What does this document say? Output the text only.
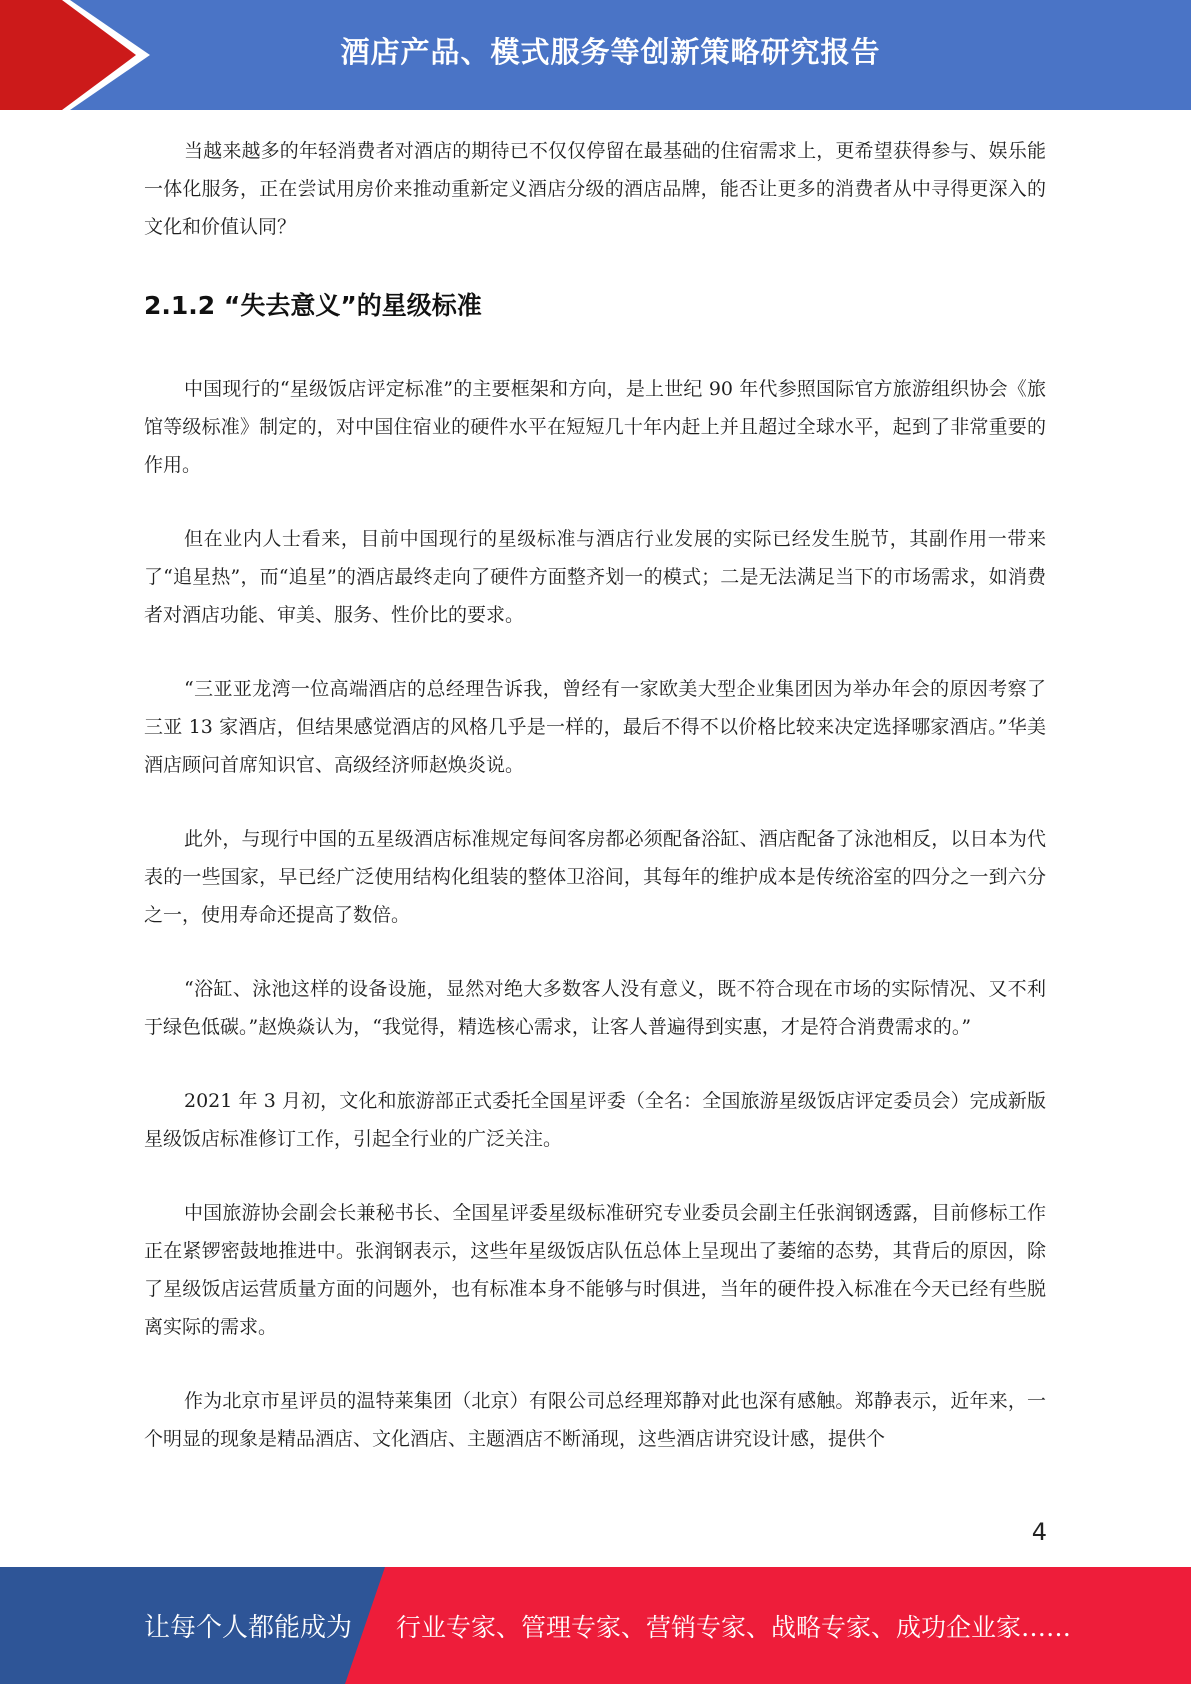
酒店产品、模式服务等创新策略研究报告

当越来越多的年轻消费者对酒店的期待已不仅仅停留在最基础的住宿需求上，更希望获得参与、娱乐能一体化服务，正在尝试用房价来推动重新定义酒店分级的酒店品牌，能否让更多的消费者从中寻得更深入的文化和价值认同？

2.1.2 “失去意义”的星级标准

中国现行的“星级饭店评定标准”的主要框架和方向，是上世纪 90 年代参照国际官方旅游组织协会《旅馆等级标准》制定的，对中国住宿业的硬件水平在短短几十年内赶上并且超过全球水平，起到了非常重要的作用。

但在业内人士看来，目前中国现行的星级标准与酒店行业发展的实际已经发生脱节，其副作用一带来了“追星热”，而“追星”的酒店最终走向了硬件方面整齐划一的模式；二是无法满足当下的市场需求，如消费者对酒店功能、审美、服务、性价比的要求。

“三亚亚龙湾一位高端酒店的总经理告诉我，曾经有一家欧美大型企业集团因为举办年会的原因考察了三亚 13 家酒店，但结果感觉酒店的风格几乎是一样的，最后不得不以价格比较来决定选择哪家酒店。”华美酒店顾问首席知识官、高级经济师赵焕炎说。

此外，与现行中国的五星级酒店标准规定每间客房都必须配备浴缸、酒店配备了泳池相反，以日本为代表的一些国家，早已经广泛使用结构化组装的整体卫浴间，其每年的维护成本是传统浴室的四分之一到六分之一，使用寿命还提高了数倍。

“浴缸、泳池这样的设备设施，显然对绝大多数客人没有意义，既不符合现在市场的实际情况、又不利于绿色低碳。”赵焕焱认为，“我觉得，精选核心需求，让客人普遍得到实惠，才是符合消费需求的。”

2021 年 3 月初，文化和旅游部正式委托全国星评委（全名：全国旅游星级饭店评定委员会）完成新版星级饭店标准修订工作，引起全行业的广泛关注。

中国旅游协会副会长兼秘书长、全国星评委星级标准研究专业委员会副主任张润钢透露，目前修标工作正在紧锣密鼓地推进中。张润钢表示，这些年星级饭店队伍总体上呈现出了萎缩的态势，其背后的原因，除了星级饭店运营质量方面的问题外，也有标准本身不能够与时俱进，当年的硬件投入标准在今天已经有些脱离实际的需求。

作为北京市星评员的温特莱集团（北京）有限公司总经理郑静对此也深有感触。郑静表示，近年来，一个明显的现象是精品酒店、文化酒店、主题酒店不断涌现，这些酒店讲究设计感，提供个

4
让每个人都能成为 行业专家、管理专家、营销专家、战略专家、成功企业家……
